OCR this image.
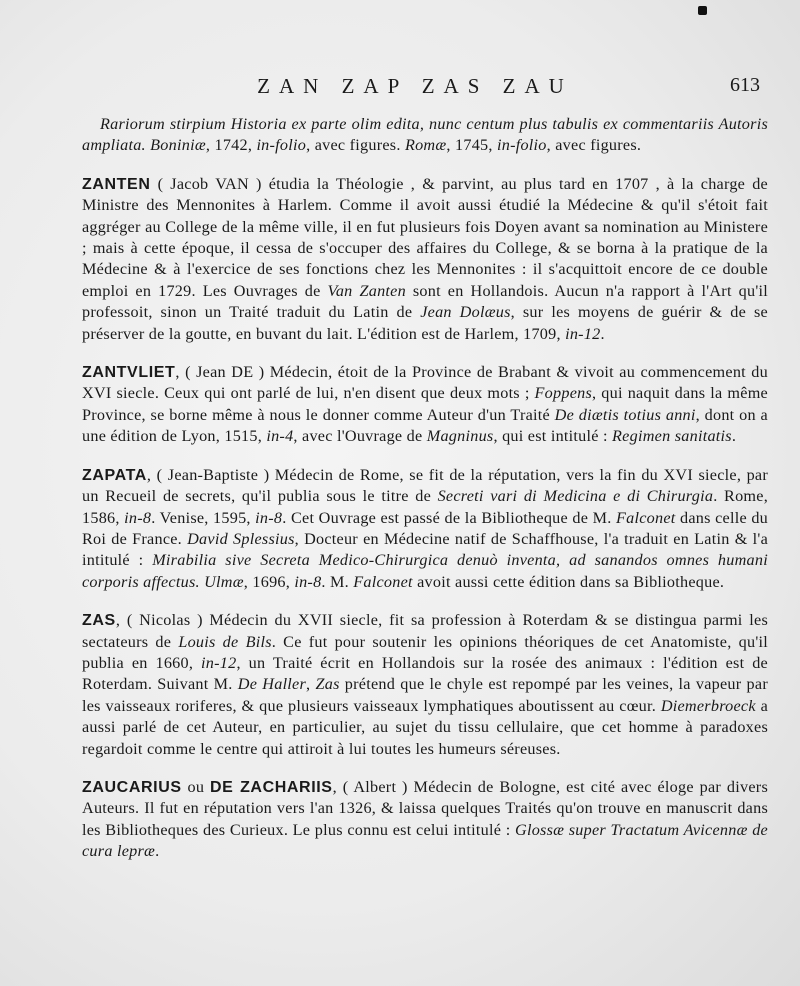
ZAN ZAP ZAS ZAU	613

Rariorum stirpium Historia ex parte olim edita, nunc centum plus tabulis ex commentariis Autoris ampliata. Boniniæ, 1742, in-folio, avec figures. Romæ, 1745, in-folio, avec figures.

ZANTEN ( Jacob VAN ) étudia la Théologie , & parvint, au plus tard en 1707 , à la charge de Ministre des Mennonites à Harlem. Comme il avoit aussi étudié la Médecine & qu'il s'étoit fait aggréger au College de la même ville, il en fut plusieurs fois Doyen avant sa nomination au Ministere ; mais à cette époque, il cessa de s'occuper des affaires du College, & se borna à la pratique de la Médecine & à l'exercice de ses fonctions chez les Mennonites : il s'acquittoit encore de ce double emploi en 1729. Les Ouvrages de Van Zanten sont en Hollandois. Aucun n'a rapport à l'Art qu'il professoit, sinon un Traité traduit du Latin de Jean Dolæus, sur les moyens de guérir & de se préserver de la goutte, en buvant du lait. L'édition est de Harlem, 1709, in-12.

ZANTVLIET, ( Jean DE ) Médecin, étoit de la Province de Brabant & vivoit au commencement du XVI siecle. Ceux qui ont parlé de lui, n'en disent que deux mots ; Foppens, qui naquit dans la même Province, se borne même à nous le donner comme Auteur d'un Traité De diætis totius anni, dont on a une édition de Lyon, 1515, in-4, avec l'Ouvrage de Magninus, qui est intitulé : Regimen sanitatis.

ZAPATA, ( Jean-Baptiste ) Médecin de Rome, se fit de la réputation, vers la fin du XVI siecle, par un Recueil de secrets, qu'il publia sous le titre de Secreti vari di Medicina e di Chirurgia. Rome, 1586, in-8. Venise, 1595, in-8. Cet Ouvrage est passé de la Bibliotheque de M. Falconet dans celle du Roi de France. David Splessius, Docteur en Médecine natif de Schaffhouse, l'a traduit en Latin & l'a intitulé : Mirabilia sive Secreta Medico-Chirurgica denuò inventa, ad sanandos omnes humani corporis affectus. Ulmæ, 1696, in-8. M. Falconet avoit aussi cette édition dans sa Bibliotheque.

ZAS, ( Nicolas ) Médecin du XVII siecle, fit sa profession à Roterdam & se distingua parmi les sectateurs de Louis de Bils. Ce fut pour soutenir les opinions théoriques de cet Anatomiste, qu'il publia en 1660, in-12, un Traité écrit en Hollandois sur la rosée des animaux : l'édition est de Roterdam. Suivant M. De Haller, Zas prétend que le chyle est repompé par les veines, la vapeur par les vaisseaux roriferes, & que plusieurs vaisseaux lymphatiques aboutissent au cœur. Diemerbroeck a aussi parlé de cet Auteur, en particulier, au sujet du tissu cellulaire, que cet homme à paradoxes regardoit comme le centre qui attiroit à lui toutes les humeurs séreuses.

ZAUCARIUS ou DE ZACHARIIS, ( Albert ) Médecin de Bologne, est cité avec éloge par divers Auteurs. Il fut en réputation vers l'an 1326, & laissa quelques Traités qu'on trouve en manuscrit dans les Bibliotheques des Curieux. Le plus connu est celui intitulé : Glossæ super Tractatum Avicennæ de cura lepræ.
